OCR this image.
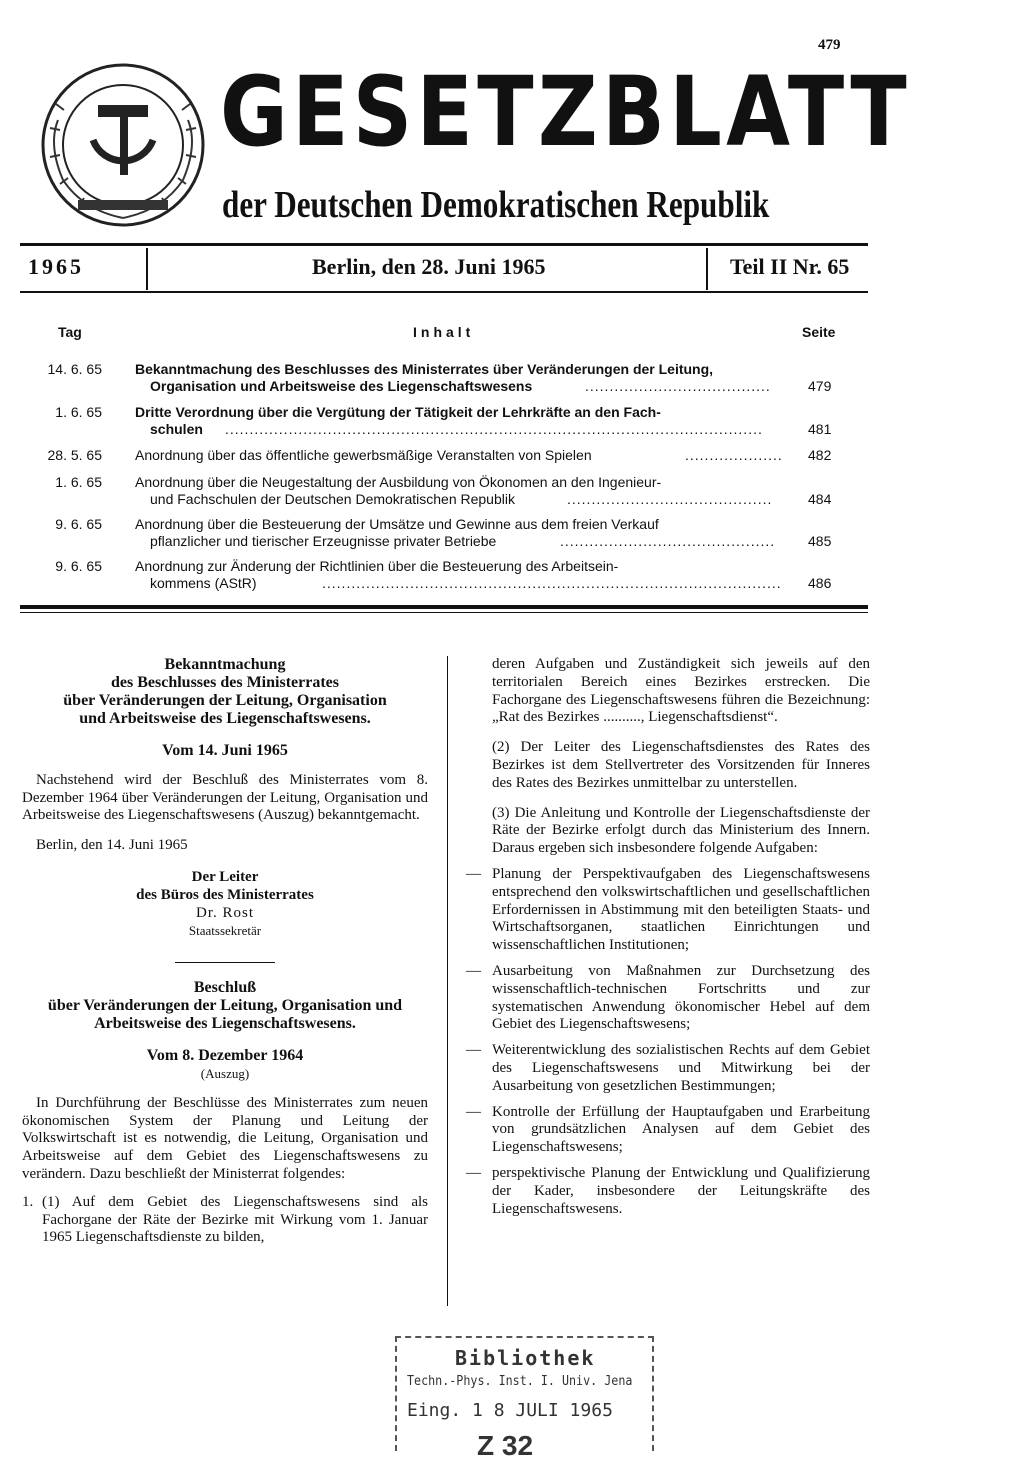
479
GESETZBLATT
der Deutschen Demokratischen Republik
1965	Berlin, den 28. Juni 1965	Teil II Nr. 65
Tag	Inhalt	Seite
14. 6. 65 Bekanntmachung des Beschlusses des Ministerrates über Veränderungen der Leitung,
Organisation und Arbeitsweise des Liegenschaftswesens	......................................	479
1. 6. 65 Dritte Verordnung über die Vergütung der Tätigkeit der Lehrkräfte an den Fach-
schulen	..............................................................................................................	481
28. 5. 65 Anordnung über das öffentliche gewerbsmäßige Veranstalten von Spielen	.................... 482
1. 6. 65 Anordnung über die Neugestaltung der Ausbildung von Ökonomen an den Ingenieur-
und Fachschulen der Deutschen Demokratischen Republik	..........................................	484
9. 6. 65 Anordnung über die Besteuerung der Umsätze und Gewinne aus dem freien Verkauf
pflanzlicher und tierischer Erzeugnisse privater Betriebe	............................................ 485
9. 6. 65 Anordnung zur Änderung der Richtlinien über die Besteuerung des Arbeitsein-
kommens (AStR)	.............................................................................................. 486
Bekanntmachung
des Beschlusses des Ministerrates
über Veränderungen der Leitung, Organisation
und Arbeitsweise des Liegenschaftswesens.
Vom 14. Juni 1965

Nachstehend wird der Beschluß des Ministerrates vom 8. Dezember 1964 über Veränderungen der Leitung, Organisation und Arbeitsweise des Liegenschaftswesens (Auszug) bekanntgemacht.

Berlin, den 14. Juni 1965

Der Leiter
des Büros des Ministerrates
Dr. Rost
Staatssekretär
Beschluß
über Veränderungen der Leitung, Organisation und
Arbeitsweise des Liegenschaftswesens.
Vom 8. Dezember 1964
(Auszug)

In Durchführung der Beschlüsse des Ministerrates zum neuen ökonomischen System der Planung und Leitung der Volkswirtschaft ist es notwendig, die Leitung, Organisation und Arbeitsweise auf dem Gebiet des Liegenschaftswesens zu verändern. Dazu beschließt der Ministerrat folgendes:

1. (1) Auf dem Gebiet des Liegenschaftswesens sind als Fachorgane der Räte der Bezirke mit Wirkung vom 1. Januar 1965 Liegenschaftsdienste zu bilden,

deren Aufgaben und Zuständigkeit sich jeweils auf den territorialen Bereich eines Bezirkes erstrecken. Die Fachorgane des Liegenschaftswesens führen die Bezeichnung: „Rat des Bezirkes .........., Liegenschaftsdienst“.

(2) Der Leiter des Liegenschaftsdienstes des Rates des Bezirkes ist dem Stellvertreter des Vorsitzenden für Inneres des Rates des Bezirkes unmittelbar zu unterstellen.

(3) Die Anleitung und Kontrolle der Liegenschaftsdienste der Räte der Bezirke erfolgt durch das Ministerium des Innern. Daraus ergeben sich insbesondere folgende Aufgaben:

— Planung der Perspektivaufgaben des Liegenschaftswesens entsprechend den volkswirtschaftlichen und gesellschaftlichen Erfordernissen in Abstimmung mit den beteiligten Staats- und Wirtschaftsorganen, staatlichen Einrichtungen und wissenschaftlichen Institutionen;
— Ausarbeitung von Maßnahmen zur Durchsetzung des wissenschaftlich-technischen Fortschritts und zur systematischen Anwendung ökonomischer Hebel auf dem Gebiet des Liegenschaftswesens;
— Weiterentwicklung des sozialistischen Rechts auf dem Gebiet des Liegenschaftswesens und Mitwirkung bei der Ausarbeitung von gesetzlichen Bestimmungen;
— Kontrolle der Erfüllung der Hauptaufgaben und Erarbeitung von grundsätzlichen Analysen auf dem Gebiet des Liegenschaftswesens;
— perspektivische Planung der Entwicklung und Qualifizierung der Kader, insbesondere der Leitungskräfte des Liegenschaftswesens.
Bibliothek
Techn.-Phys. Inst. I. Univ. Jena
Eing. 1 8 JULI 1965
Z 32
